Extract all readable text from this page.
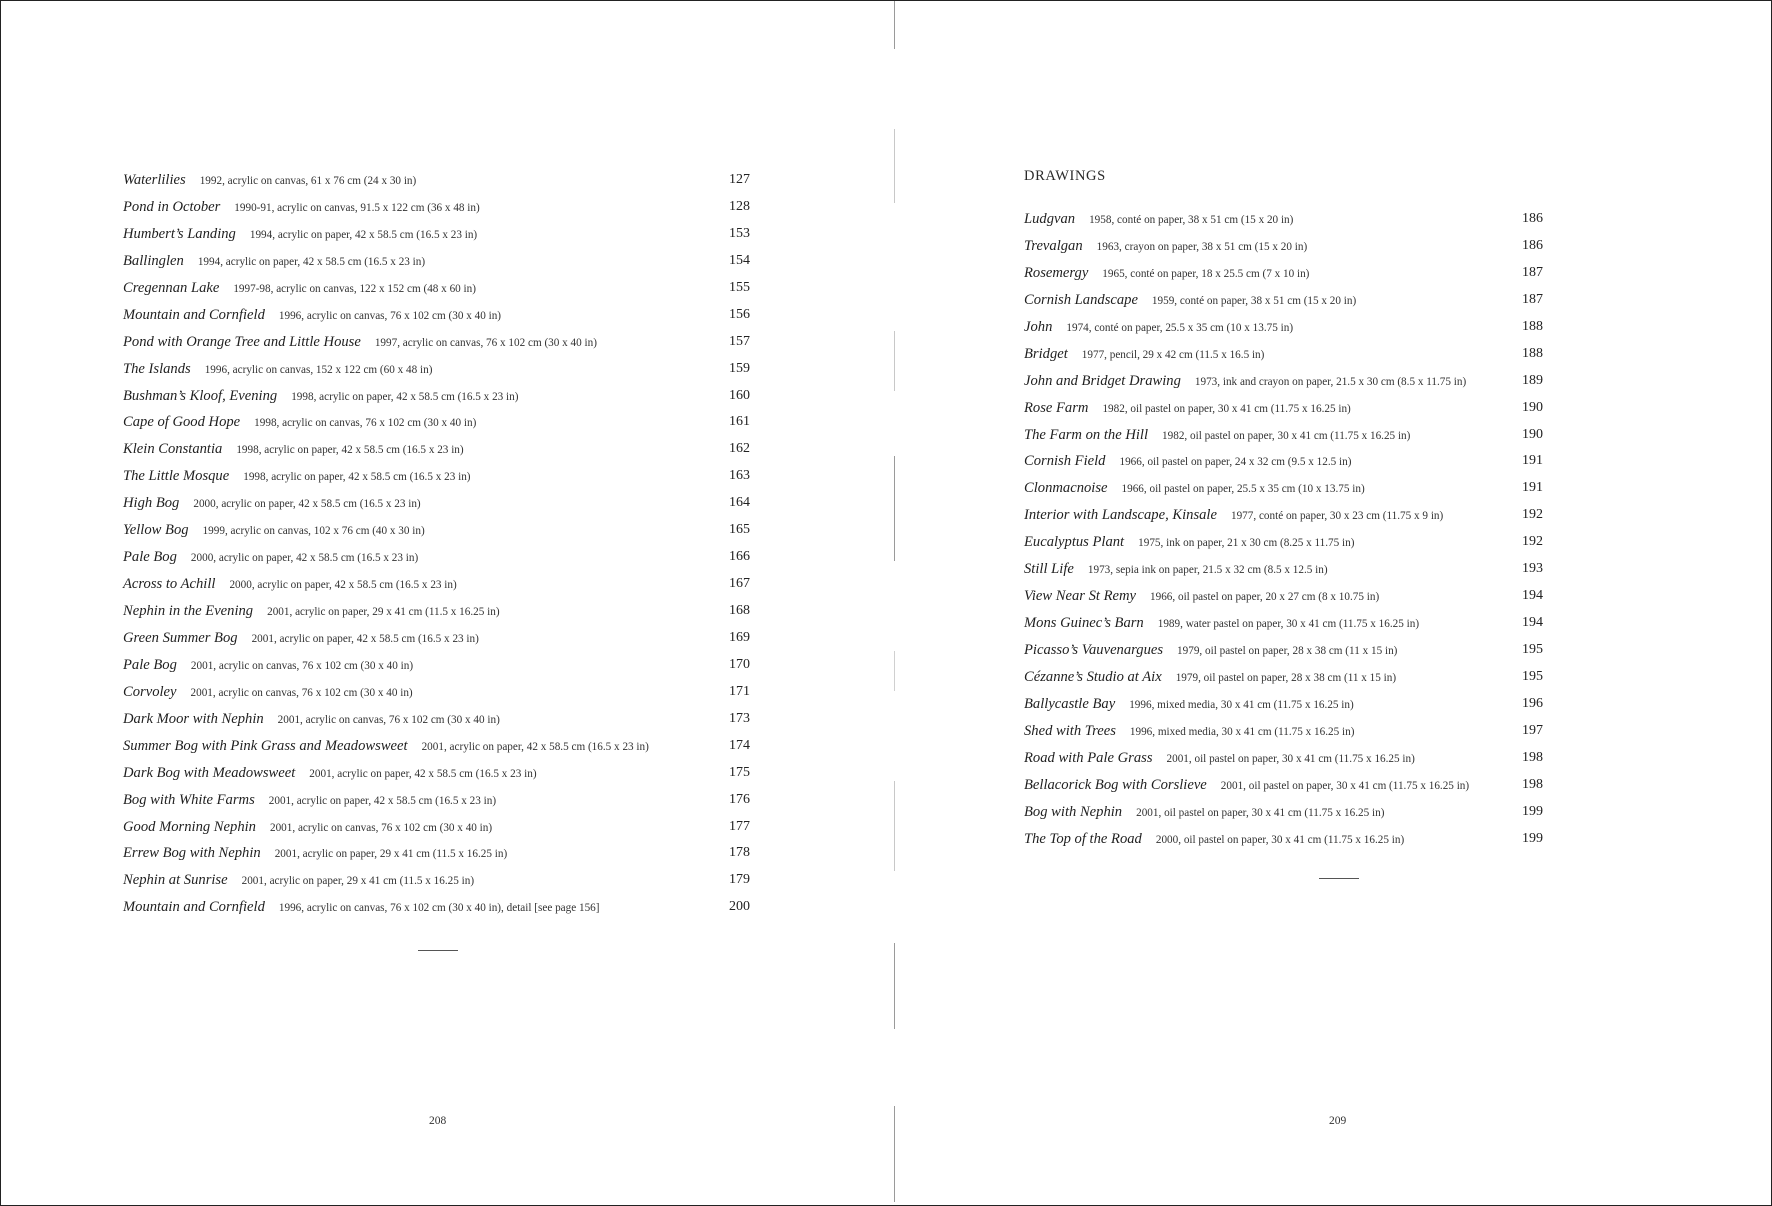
Waterlilies 1992, acrylic on canvas, 61 x 76 cm (24 x 30 in)	127
Pond in October 1990-91, acrylic on canvas, 91.5 x 122 cm (36 x 48 in)	128
Humbert’s Landing 1994, acrylic on paper, 42 x 58.5 cm (16.5 x 23 in)	153
Ballinglen 1994, acrylic on paper, 42 x 58.5 cm (16.5 x 23 in)	154
Cregennan Lake 1997-98, acrylic on canvas, 122 x 152 cm (48 x 60 in)	155
Mountain and Cornfield 1996, acrylic on canvas, 76 x 102 cm (30 x 40 in)	156
Pond with Orange Tree and Little House 1997, acrylic on canvas, 76 x 102 cm (30 x 40 in)	157
The Islands 1996, acrylic on canvas, 152 x 122 cm (60 x 48 in)	159
Bushman’s Kloof, Evening 1998, acrylic on paper, 42 x 58.5 cm (16.5 x 23 in)	160
Cape of Good Hope 1998, acrylic on canvas, 76 x 102 cm (30 x 40 in)	161
Klein Constantia 1998, acrylic on paper, 42 x 58.5 cm (16.5 x 23 in)	162
The Little Mosque 1998, acrylic on paper, 42 x 58.5 cm (16.5 x 23 in)	163
High Bog 2000, acrylic on paper, 42 x 58.5 cm (16.5 x 23 in)	164
Yellow Bog 1999, acrylic on canvas, 102 x 76 cm (40 x 30 in)	165
Pale Bog 2000, acrylic on paper, 42 x 58.5 cm (16.5 x 23 in)	166
Across to Achill 2000, acrylic on paper, 42 x 58.5 cm (16.5 x 23 in)	167
Nephin in the Evening 2001, acrylic on paper, 29 x 41 cm (11.5 x 16.25 in)	168
Green Summer Bog 2001, acrylic on paper, 42 x 58.5 cm (16.5 x 23 in)	169
Pale Bog 2001, acrylic on canvas, 76 x 102 cm (30 x 40 in)	170
Corvoley 2001, acrylic on canvas, 76 x 102 cm (30 x 40 in)	171
Dark Moor with Nephin 2001, acrylic on canvas, 76 x 102 cm (30 x 40 in)	173
Summer Bog with Pink Grass and Meadowsweet 2001, acrylic on paper, 42 x 58.5 cm (16.5 x 23 in)	174
Dark Bog with Meadowsweet 2001, acrylic on paper, 42 x 58.5 cm (16.5 x 23 in)	175
Bog with White Farms 2001, acrylic on paper, 42 x 58.5 cm (16.5 x 23 in)	176
Good Morning Nephin 2001, acrylic on canvas, 76 x 102 cm (30 x 40 in)	177
Errew Bog with Nephin 2001, acrylic on paper, 29 x 41 cm (11.5 x 16.25 in)	178
Nephin at Sunrise 2001, acrylic on paper, 29 x 41 cm (11.5 x 16.25 in)	179
Mountain and Cornfield 1996, acrylic on canvas, 76 x 102 cm (30 x 40 in), detail [see page 156]	200
208
DRAWINGS
Ludgvan 1958, conté on paper, 38 x 51 cm (15 x 20 in)	186
Trevalgan 1963, crayon on paper, 38 x 51 cm (15 x 20 in)	186
Rosemergy 1965, conté on paper, 18 x 25.5 cm (7 x 10 in)	187
Cornish Landscape 1959, conté on paper, 38 x 51 cm (15 x 20 in)	187
John 1974, conté on paper, 25.5 x 35 cm (10 x 13.75 in)	188
Bridget 1977, pencil, 29 x 42 cm (11.5 x 16.5 in)	188
John and Bridget Drawing 1973, ink and crayon on paper, 21.5 x 30 cm (8.5 x 11.75 in)	189
Rose Farm 1982, oil pastel on paper, 30 x 41 cm (11.75 x 16.25 in)	190
The Farm on the Hill 1982, oil pastel on paper, 30 x 41 cm (11.75 x 16.25 in)	190
Cornish Field 1966, oil pastel on paper, 24 x 32 cm (9.5 x 12.5 in)	191
Clonmacnoise 1966, oil pastel on paper, 25.5 x 35 cm (10 x 13.75 in)	191
Interior with Landscape, Kinsale 1977, conté on paper, 30 x 23 cm (11.75 x 9 in)	192
Eucalyptus Plant 1975, ink on paper, 21 x 30 cm (8.25 x 11.75 in)	192
Still Life 1973, sepia ink on paper, 21.5 x 32 cm (8.5 x 12.5 in)	193
View Near St Remy 1966, oil pastel on paper, 20 x 27 cm (8 x 10.75 in)	194
Mons Guinec’s Barn 1989, water pastel on paper, 30 x 41 cm (11.75 x 16.25 in)	194
Picasso’s Vauvenargues 1979, oil pastel on paper, 28 x 38 cm (11 x 15 in)	195
Cézanne’s Studio at Aix 1979, oil pastel on paper, 28 x 38 cm (11 x 15 in)	195
Ballycastle Bay 1996, mixed media, 30 x 41 cm (11.75 x 16.25 in)	196
Shed with Trees 1996, mixed media, 30 x 41 cm (11.75 x 16.25 in)	197
Road with Pale Grass 2001, oil pastel on paper, 30 x 41 cm (11.75 x 16.25 in)	198
Bellacorick Bog with Corslieve 2001, oil pastel on paper, 30 x 41 cm (11.75 x 16.25 in)	198
Bog with Nephin 2001, oil pastel on paper, 30 x 41 cm (11.75 x 16.25 in)	199
The Top of the Road 2000, oil pastel on paper, 30 x 41 cm (11.75 x 16.25 in)	199
209
